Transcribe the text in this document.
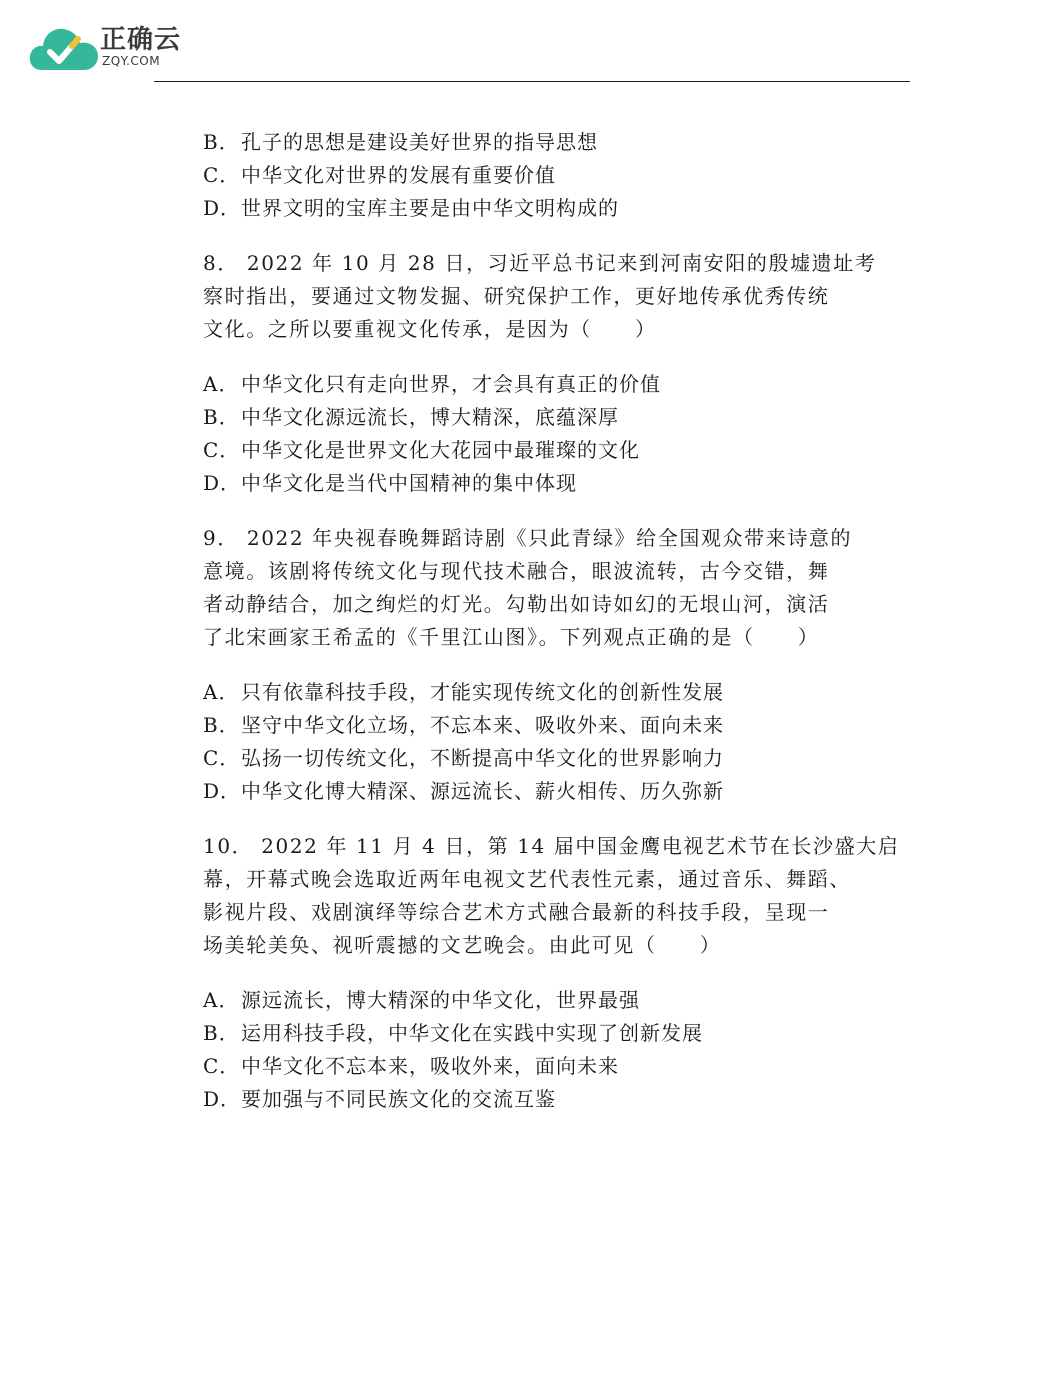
正确云
ZQY.COM
B．孔子的思想是建设美好世界的指导思想
C．中华文化对世界的发展有重要价值
D．世界文明的宝库主要是由中华文明构成的
8． 2022 年 10 月 28 日，习近平总书记来到河南安阳的殷墟遗址考
察时指出，要通过文物发掘、研究保护工作，更好地传承优秀传统
文化。之所以要重视文化传承，是因为（　　）
A．中华文化只有走向世界，才会具有真正的价值
B．中华文化源远流长，博大精深，底蕴深厚
C．中华文化是世界文化大花园中最璀璨的文化
D．中华文化是当代中国精神的集中体现
9． 2022 年央视春晚舞蹈诗剧《只此青绿》给全国观众带来诗意的
意境。该剧将传统文化与现代技术融合，眼波流转，古今交错，舞
者动静结合，加之绚烂的灯光。勾勒出如诗如幻的无垠山河，演活
了北宋画家王希孟的《千里江山图》。下列观点正确的是（　　）
A．只有依靠科技手段，才能实现传统文化的创新性发展
B．坚守中华文化立场，不忘本来、吸收外来、面向未来
C．弘扬一切传统文化，不断提高中华文化的世界影响力
D．中华文化博大精深、源远流长、薪火相传、历久弥新
10． 2022 年 11 月 4 日，第 14 届中国金鹰电视艺术节在长沙盛大启
幕，开幕式晚会选取近两年电视文艺代表性元素，通过音乐、舞蹈、
影视片段、戏剧演绎等综合艺术方式融合最新的科技手段，呈现一
场美轮美奂、视听震撼的文艺晚会。由此可见（　　）
A．源远流长，博大精深的中华文化，世界最强
B．运用科技手段，中华文化在实践中实现了创新发展
C．中华文化不忘本来，吸收外来，面向未来
D．要加强与不同民族文化的交流互鉴
